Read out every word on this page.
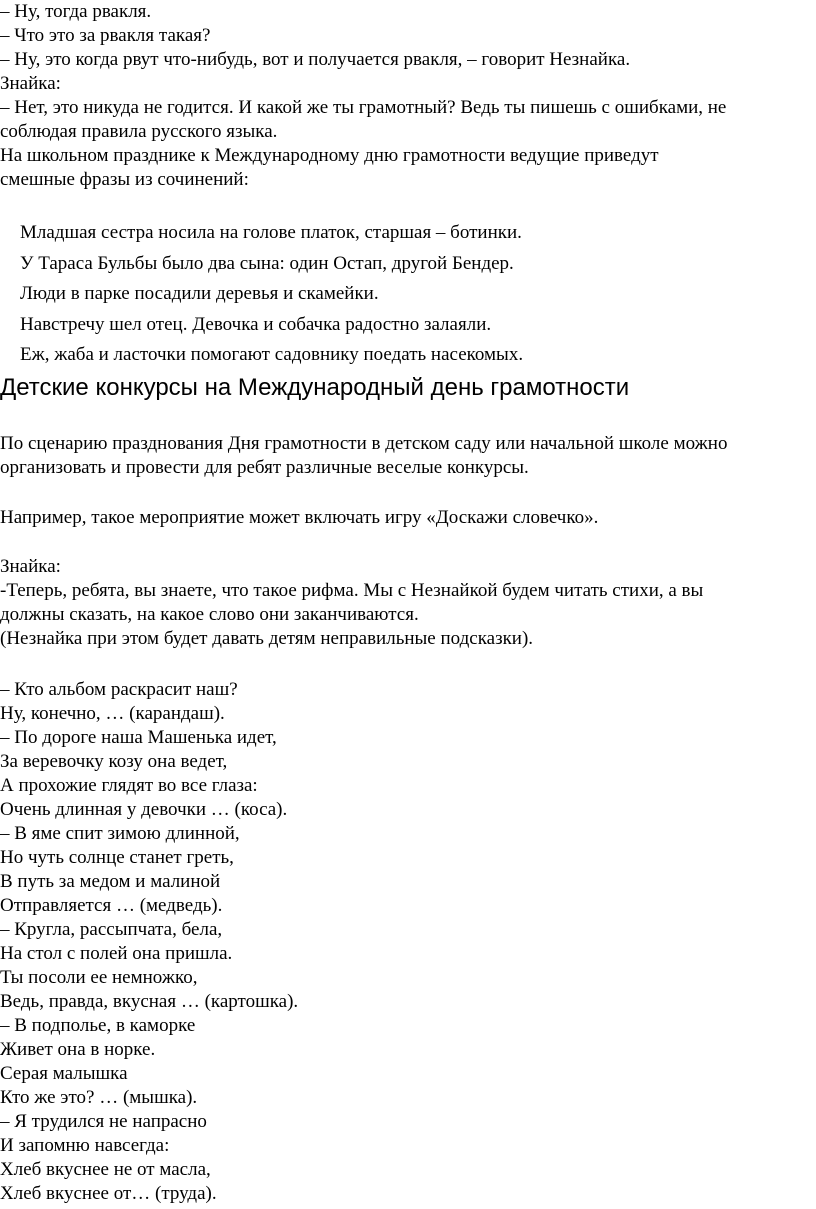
– Ну, тогда рвакля.
– Что это за рвакля такая?
– Ну, это когда рвут что-нибудь, вот и получается рвакля, – говорит Незнайка.
Знайка:
– Нет, это никуда не годится. И какой же ты грамотный? Ведь ты пишешь с ошибками, не
соблюдая правила русского языка.
На школьном празднике к Международному дню грамотности ведущие приведут
смешные фразы из сочинений:
Младшая сестра носила на голове платок, старшая – ботинки.
У Тараса Бульбы было два сына: один Остап, другой Бендер.
Люди в парке посадили деревья и скамейки.
Навстречу шел отец. Девочка и собачка радостно залаяли.
Еж, жаба и ласточки помогают садовнику поедать насекомых.
Детские конкурсы на Международный день грамотности
По сценарию празднования Дня грамотности в детском саду или начальной школе можно
организовать и провести для ребят различные веселые конкурсы.
Например, такое мероприятие может включать игру «Доскажи словечко».
Знайка:
-Теперь, ребята, вы знаете, что такое рифма. Мы с Незнайкой будем читать стихи, а вы
должны сказать, на какое слово они заканчиваются.
(Незнайка при этом будет давать детям неправильные подсказки).
– Кто альбом раскрасит наш?
Ну, конечно, … (карандаш).
– По дороге наша Машенька идет,
За веревочку козу она ведет,
А прохожие глядят во все глаза:
Очень длинная у девочки … (коса).
– В яме спит зимою длинной,
Но чуть солнце станет греть,
В путь за медом и малиной
Отправляется … (медведь).
– Кругла, рассыпчата, бела,
На стол с полей она пришла.
Ты посоли ее немножко,
Ведь, правда, вкусная … (картошка).
– В подполье, в каморке
Живет она в норке.
Серая малышка
Кто же это? … (мышка).
– Я трудился не напрасно
И запомню навсегда:
Хлеб вкуснее не от масла,
Хлеб вкуснее от… (труда).
